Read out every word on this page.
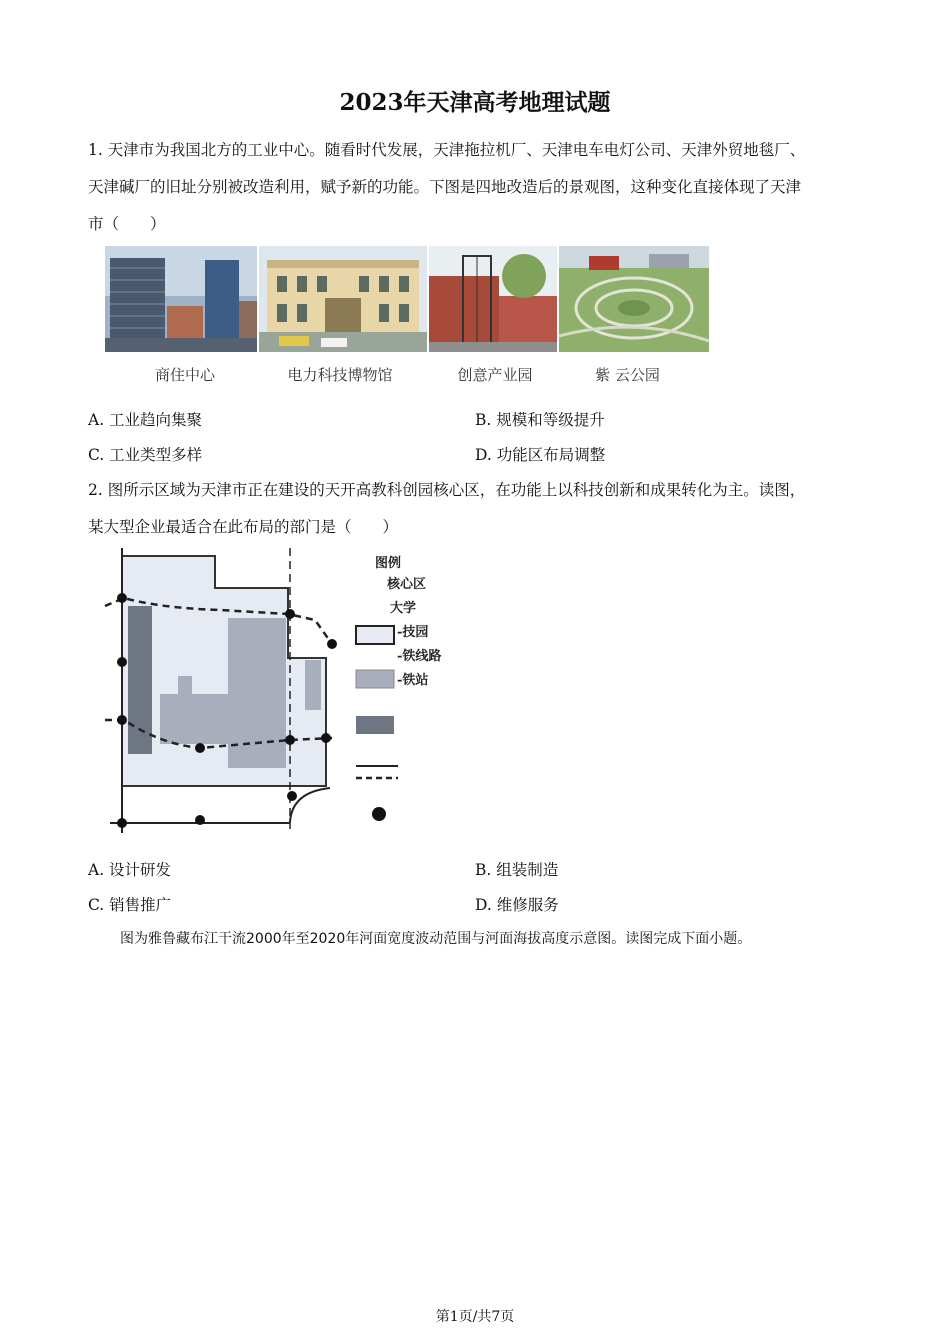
2023年天津高考地理试题
1. 天津市为我国北方的工业中心。随看时代发展，天津拖拉机厂、天津电车电灯公司、天津外贸地毯厂、
天津碱厂的旧址分别被改造利用，赋予新的功能。下图是四地改造后的景观图，这种变化直接体现了天津
市（　　）
商住中心	电力科技博物馆	创意产业园	紫 云公园
A. 工业趋向集聚	B. 规模和等级提升
C. 工业类型多样	D. 功能区布局调整
2. 图所示区域为天津市正在建设的天开高教科创园核心区，在功能上以科技创新和成果转化为主。读图，
某大型企业最适合在此布局的部门是（　　）
图例
核心区
大学
-技园
-铁线路
-铁站
A. 设计研发	B. 组装制造
C. 销售推广	D. 维修服务
图为雅鲁藏布江干流2000年至2020年河面宽度波动范围与河面海拔高度示意图。读图完成下面小题。
第1页/共7页
